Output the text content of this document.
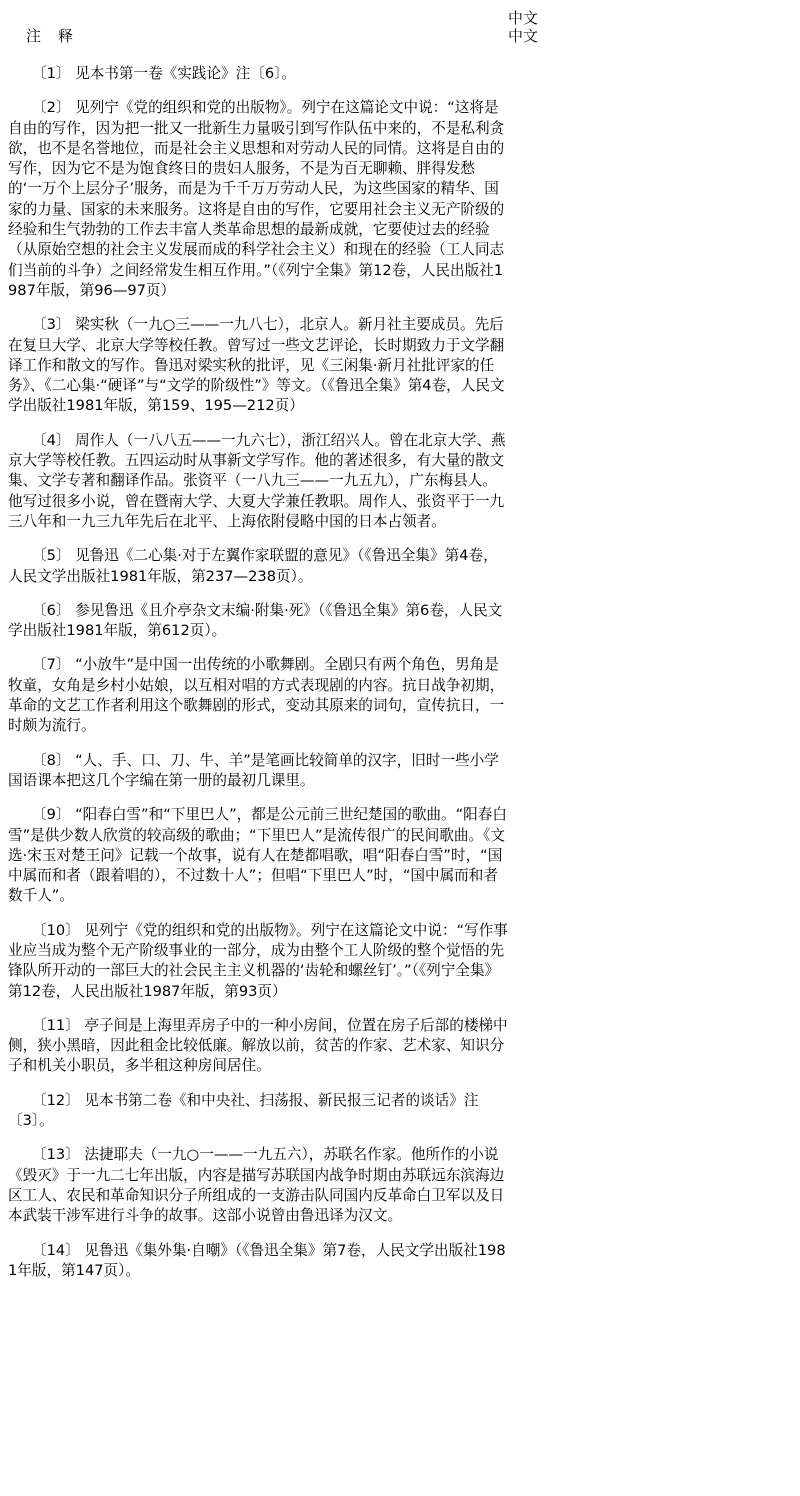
中文
中文
注　释

〔1〕 见本书第一卷《实践论》注〔6〕。

〔2〕 见列宁《党的组织和党的出版物》。列宁在这篇论文中说：“这将是自由的写作，因为把一批又一批新生力量吸引到写作队伍中来的，不是私利贪欲，也不是名誉地位，而是社会主义思想和对劳动人民的同情。这将是自由的写作，因为它不是为饱食终日的贵妇人服务，不是为百无聊赖、胖得发愁的‘一万个上层分子’服务，而是为千千万万劳动人民，为这些国家的精华、国家的力量、国家的未来服务。这将是自由的写作，它要用社会主义无产阶级的经验和生气勃勃的工作去丰富人类革命思想的最新成就，它要使过去的经验（从原始空想的社会主义发展而成的科学社会主义）和现在的经验（工人同志们当前的斗争）之间经常发生相互作用。”（《列宁全集》第12卷，人民出版社1987年版，第96—97页）

〔3〕 梁实秋（一九○三——一九八七），北京人。新月社主要成员。先后在复旦大学、北京大学等校任教。曾写过一些文艺评论，长时期致力于文学翻译工作和散文的写作。鲁迅对梁实秋的批评，见《三闲集·新月社批评家的任务》、《二心集·“硬译”与“文学的阶级性”》等文。（《鲁迅全集》第4卷，人民文学出版社1981年版，第159、195—212页）

〔4〕 周作人（一八八五——一九六七），浙江绍兴人。曾在北京大学、燕京大学等校任教。五四运动时从事新文学写作。他的著述很多，有大量的散文集、文学专著和翻译作品。张资平（一八九三——一九五九），广东梅县人。他写过很多小说，曾在暨南大学、大夏大学兼任教职。周作人、张资平于一九三八年和一九三九年先后在北平、上海依附侵略中国的日本占领者。

〔5〕 见鲁迅《二心集·对于左翼作家联盟的意见》（《鲁迅全集》第4卷，人民文学出版社1981年版，第237—238页）。

〔6〕 参见鲁迅《且介亭杂文末编·附集·死》（《鲁迅全集》第6卷，人民文学出版社1981年版，第612页）。

〔7〕 “小放牛”是中国一出传统的小歌舞剧。全剧只有两个角色，男角是牧童，女角是乡村小姑娘，以互相对唱的方式表现剧的内容。抗日战争初期，革命的文艺工作者利用这个歌舞剧的形式，变动其原来的词句，宣传抗日，一时颇为流行。

〔8〕 “人、手、口、刀、牛、羊”是笔画比较简单的汉字，旧时一些小学国语课本把这几个字编在第一册的最初几课里。

〔9〕 “阳春白雪”和“下里巴人”，都是公元前三世纪楚国的歌曲。“阳春白雪”是供少数人欣赏的较高级的歌曲；“下里巴人”是流传很广的民间歌曲。《文选·宋玉对楚王问》记载一个故事，说有人在楚都唱歌，唱“阳春白雪”时，“国中属而和者（跟着唱的），不过数十人”；但唱“下里巴人”时，“国中属而和者数千人”。

〔10〕 见列宁《党的组织和党的出版物》。列宁在这篇论文中说：“写作事业应当成为整个无产阶级事业的一部分，成为由整个工人阶级的整个觉悟的先锋队所开动的一部巨大的社会民主主义机器的‘齿轮和螺丝钉’。”（《列宁全集》第12卷，人民出版社1987年版，第93页）

〔11〕 亭子间是上海里弄房子中的一种小房间，位置在房子后部的楼梯中侧，狭小黑暗，因此租金比较低廉。解放以前，贫苦的作家、艺术家、知识分子和机关小职员，多半租这种房间居住。

〔12〕 见本书第二卷《和中央社、扫荡报、新民报三记者的谈话》注〔3〕。

〔13〕 法捷耶夫（一九○一——一九五六），苏联名作家。他所作的小说《毁灭》于一九二七年出版，内容是描写苏联国内战争时期由苏联远东滨海边区工人、农民和革命知识分子所组成的一支游击队同国内反革命白卫军以及日本武装干涉军进行斗争的故事。这部小说曾由鲁迅译为汉文。

〔14〕 见鲁迅《集外集·自嘲》（《鲁迅全集》第7卷，人民文学出版社1981年版，第147页）。
